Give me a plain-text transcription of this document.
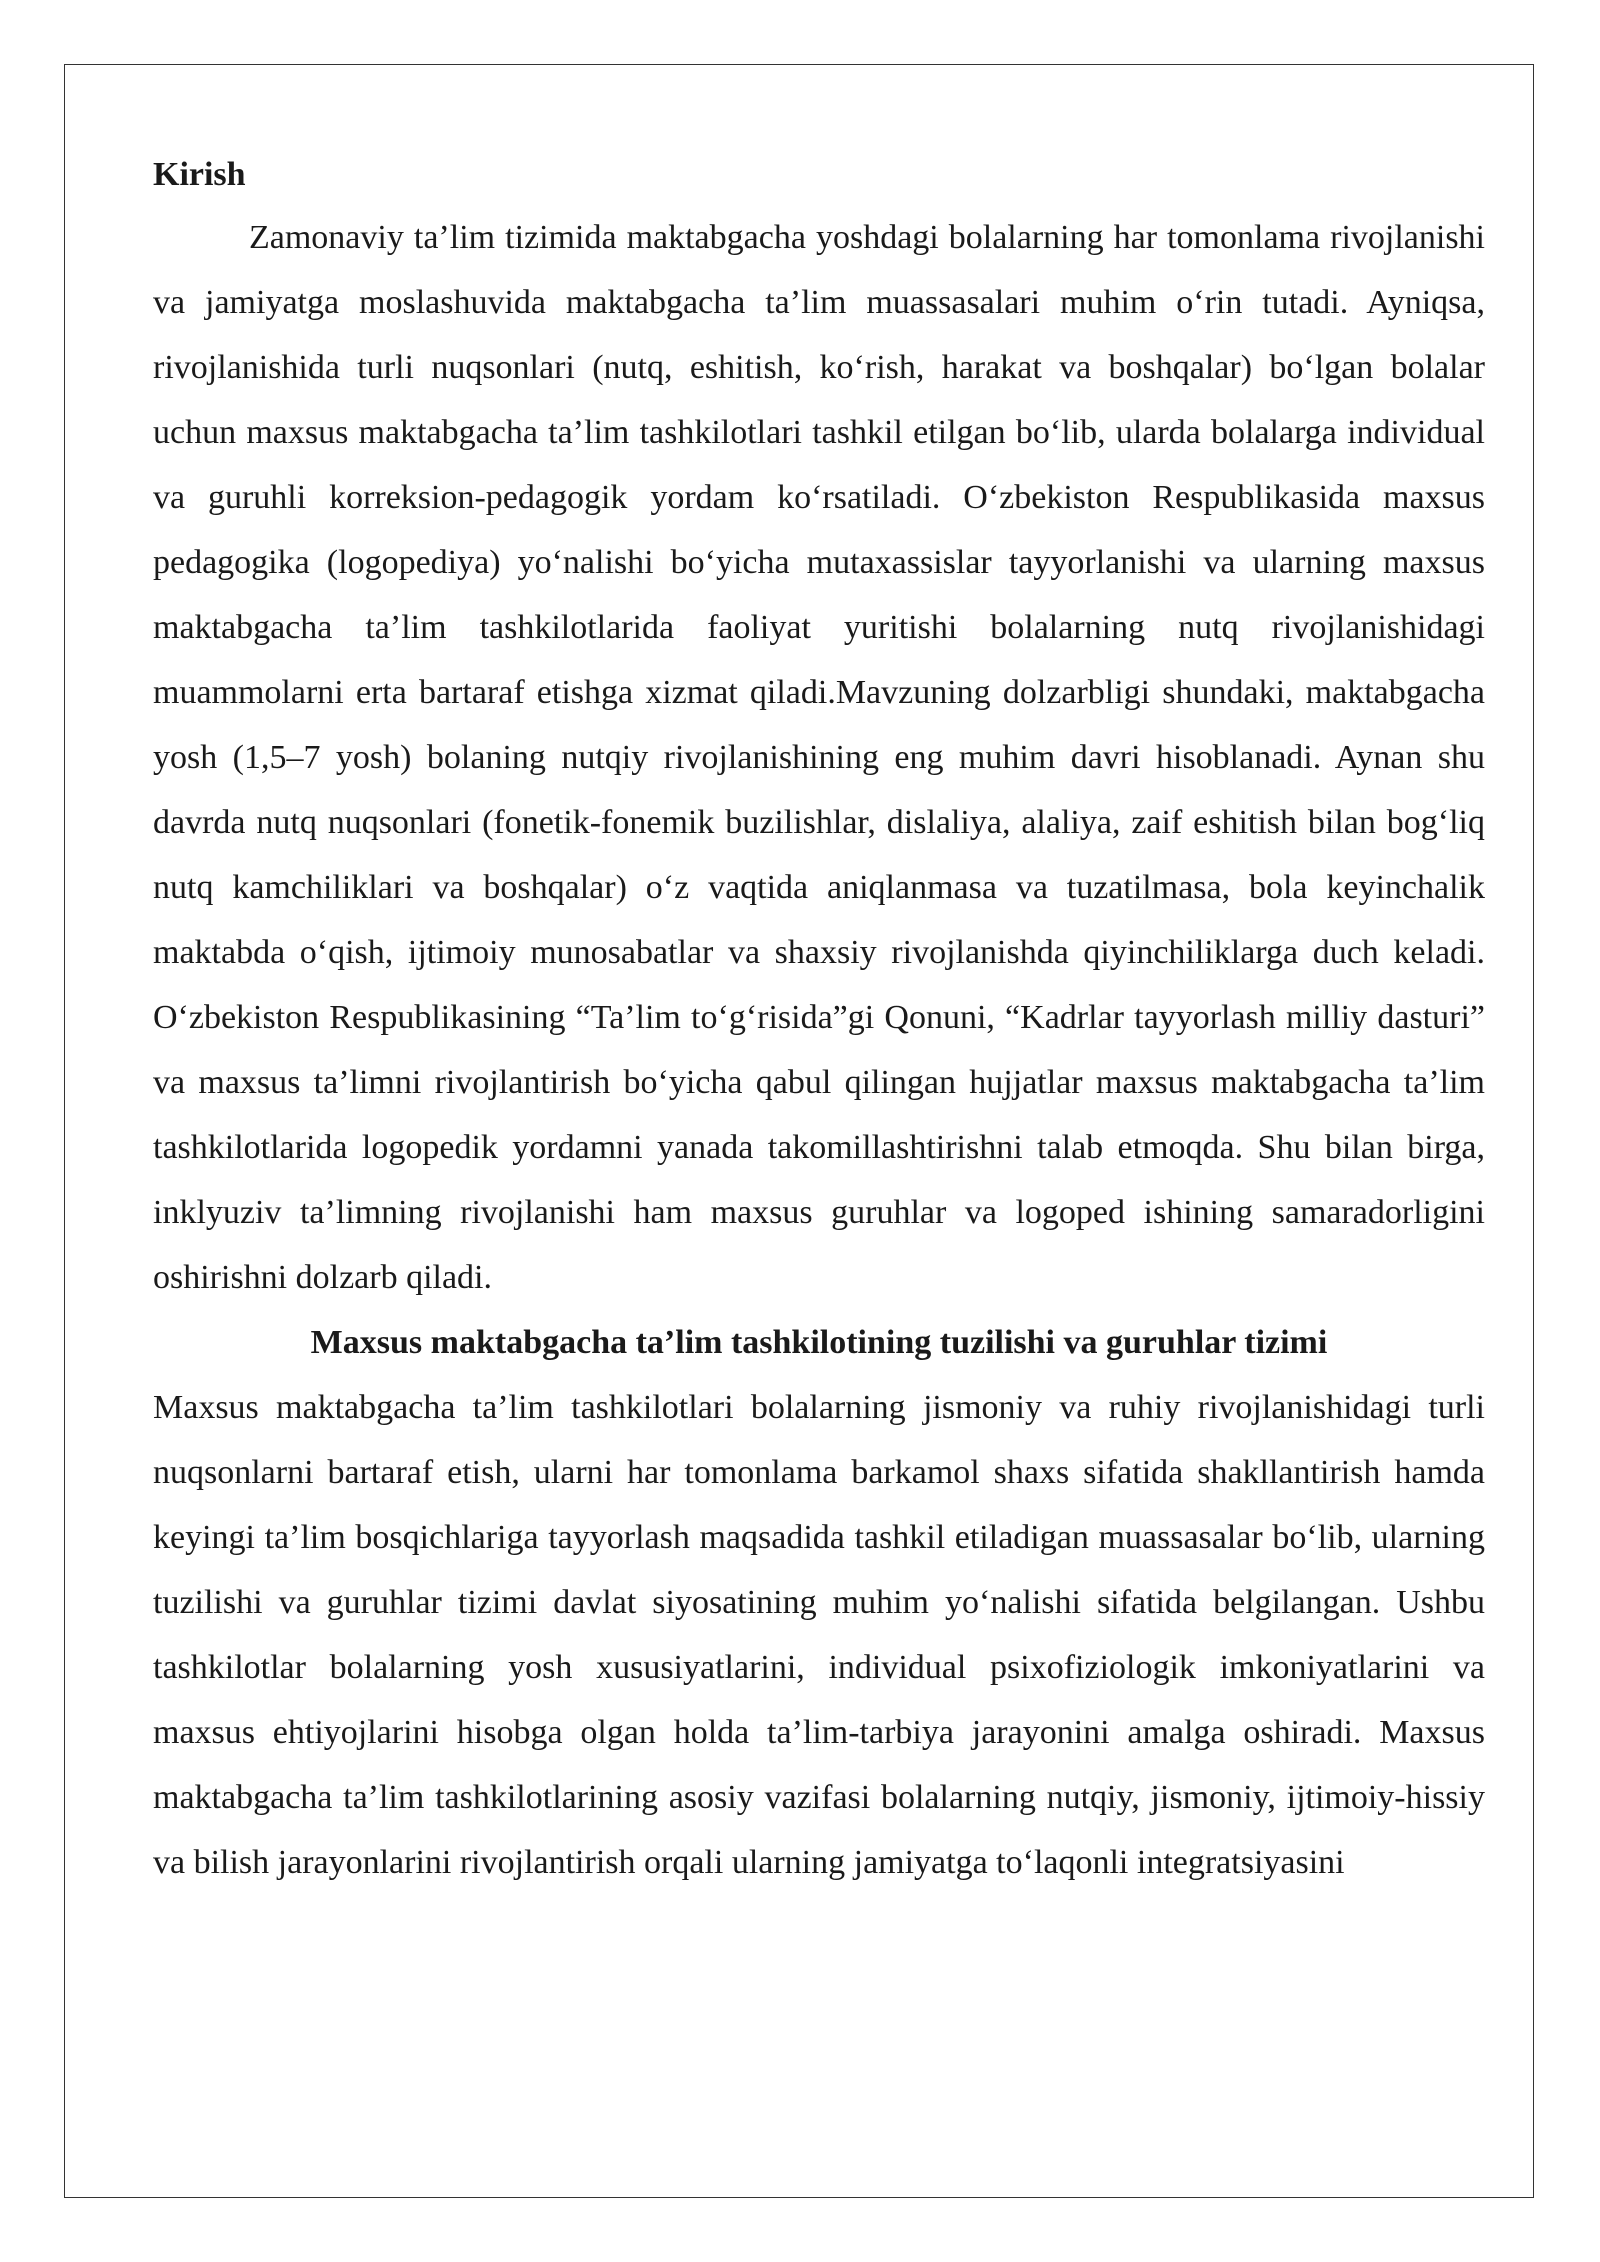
Kirish

Zamonaviy ta’lim tizimida maktabgacha yoshdagi bolalarning har tomonlama rivojlanishi va jamiyatga moslashuvida maktabgacha ta’lim muassasalari muhim o‘rin tutadi. Ayniqsa, rivojlanishida turli nuqsonlari (nutq, eshitish, ko‘rish, harakat va boshqalar) bo‘lgan bolalar uchun maxsus maktabgacha ta’lim tashkilotlari tashkil etilgan bo‘lib, ularda bolalarga individual va guruhli korreksion-pedagogik yordam ko‘rsatiladi. O‘zbekiston Respublikasida maxsus pedagogika (logopediya) yo‘nalishi bo‘yicha mutaxassislar tayyorlanishi va ularning maxsus maktabgacha ta’lim tashkilotlarida faoliyat yuritishi bolalarning nutq rivojlanishidagi muammolarni erta bartaraf etishga xizmat qiladi.Mavzuning dolzarbligi shundaki, maktabgacha yosh (1,5–7 yosh) bolaning nutqiy rivojlanishining eng muhim davri hisoblanadi. Aynan shu davrda nutq nuqsonlari (fonetik-fonemik buzilishlar, dislaliya, alaliya, zaif eshitish bilan bog‘liq nutq kamchiliklari va boshqalar) o‘z vaqtida aniqlanmasa va tuzatilmasa, bola keyinchalik maktabda o‘qish, ijtimoiy munosabatlar va shaxsiy rivojlanishda qiyinchiliklarga duch keladi. O‘zbekiston Respublikasining “Ta’lim to‘g‘risida”gi Qonuni, “Kadrlar tayyorlash milliy dasturi” va maxsus ta’limni rivojlantirish bo‘yicha qabul qilingan hujjatlar maxsus maktabgacha ta’lim tashkilotlarida logopedik yordamni yanada takomillashtirishni talab etmoqda. Shu bilan birga, inklyuziv ta’limning rivojlanishi ham maxsus guruhlar va logoped ishining samaradorligini oshirishni dolzarb qiladi.

Maxsus maktabgacha ta’lim tashkilotining tuzilishi va guruhlar tizimi

Maxsus maktabgacha ta’lim tashkilotlari bolalarning jismoniy va ruhiy rivojlanishidagi turli nuqsonlarni bartaraf etish, ularni har tomonlama barkamol shaxs sifatida shakllantirish hamda keyingi ta’lim bosqichlariga tayyorlash maqsadida tashkil etiladigan muassasalar bo‘lib, ularning tuzilishi va guruhlar tizimi davlat siyosatining muhim yo‘nalishi sifatida belgilangan. Ushbu tashkilotlar bolalarning yosh xususiyatlarini, individual psixofiziologik imkoniyatlarini va maxsus ehtiyojlarini hisobga olgan holda ta’lim-tarbiya jarayonini amalga oshiradi. Maxsus maktabgacha ta’lim tashkilotlarining asosiy vazifasi bolalarning nutqiy, jismoniy, ijtimoiy-hissiy va bilish jarayonlarini rivojlantirish orqali ularning jamiyatga to‘laqonli integratsiyasini
